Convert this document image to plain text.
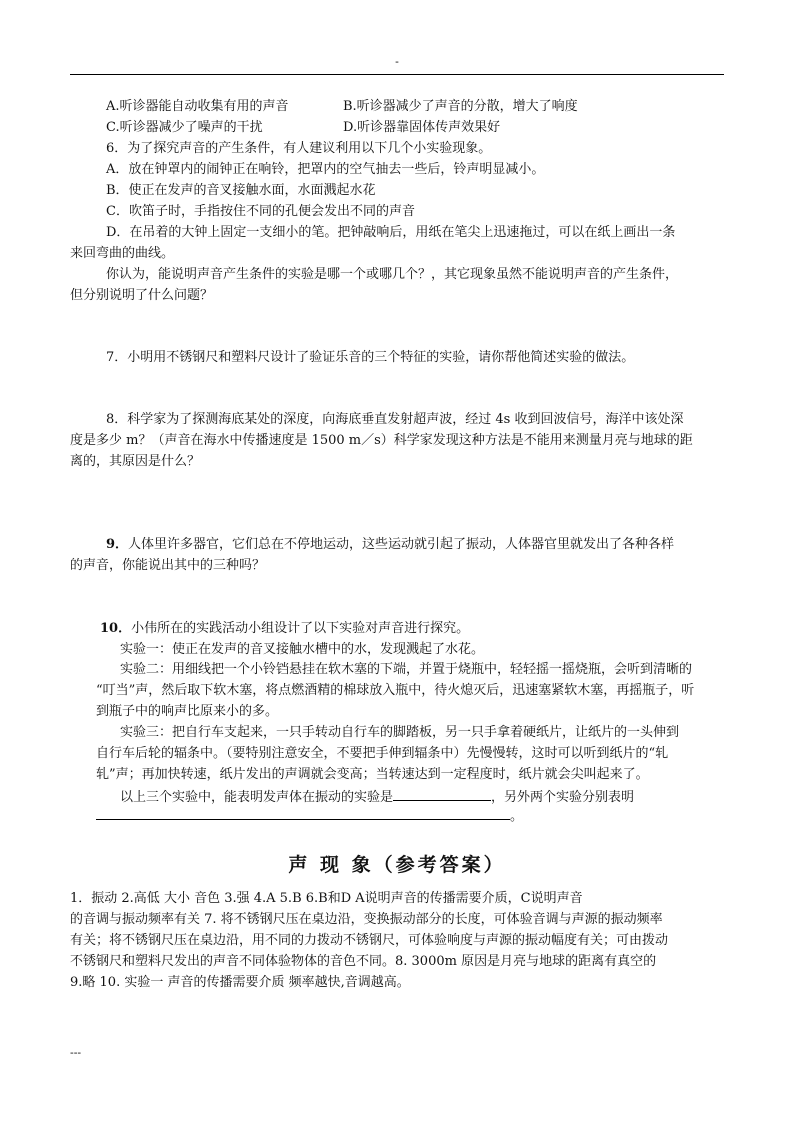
-
A.听诊器能自动收集有用的声音	B.听诊器减少了声音的分散，增大了响度
C.听诊器减少了噪声的干扰	D.听诊器靠固体传声效果好
6．为了探究声音的产生条件，有人建议利用以下几个小实验现象。
A．放在钟罩内的闹钟正在响铃，把罩内的空气抽去一些后，铃声明显减小。
B．使正在发声的音叉接触水面，水面溅起水花
C．吹笛子时，手指按住不同的孔便会发出不同的声音
D．在吊着的大钟上固定一支细小的笔。把钟敲响后，用纸在笔尖上迅速拖过，可以在纸上画出一条
来回弯曲的曲线。
你认为，能说明声音产生条件的实验是哪一个或哪几个？，其它现象虽然不能说明声音的产生条件，
但分别说明了什么问题？
7．小明用不锈钢尺和塑料尺设计了验证乐音的三个特征的实验，请你帮他简述实验的做法。
8．科学家为了探测海底某处的深度，向海底垂直发射超声波，经过 4s 收到回波信号，海洋中该处深
度是多少 m？（声音在海水中传播速度是 1500 m／s）科学家发现这种方法是不能用来测量月亮与地球的距
离的，其原因是什么？
9．人体里许多器官，它们总在不停地运动，这些运动就引起了振动，人体器官里就发出了各种各样
的声音，你能说出其中的三种吗？
10．小伟所在的实践活动小组设计了以下实验对声音进行探究。
实验一：使正在发声的音叉接触水槽中的水，发现溅起了水花。
实验二：用细线把一个小铃铛悬挂在软木塞的下端，并置于烧瓶中，轻轻摇一摇烧瓶，会听到清晰的
“叮当”声，然后取下软木塞，将点燃酒精的棉球放入瓶中，待火熄灭后，迅速塞紧软木塞，再摇瓶子，听
到瓶子中的响声比原来小的多。
实验三：把自行车支起来，一只手转动自行车的脚踏板，另一只手拿着硬纸片，让纸片的一头伸到
自行车后轮的辐条中。（要特别注意安全，不要把手伸到辐条中）先慢慢转，这时可以听到纸片的“轧
轧”声；再加快转速，纸片发出的声调就会变高；当转速达到一定程度时，纸片就会尖叫起来了。
以上三个实验中，能表明发声体在振动的实验是	，另外两个实验分别表明
。
声 现 象（参考答案）
1．振动 2.高低 大小 音色 3.强 4.A 5.B 6.B和D A说明声音的传播需要介质，C说明声音
的音调与振动频率有关 7. 将不锈钢尺压在桌边沿，变换振动部分的长度，可体验音调与声源的振动频率
有关；将不锈钢尺压在桌边沿，用不同的力拨动不锈钢尺，可体验响度与声源的振动幅度有关；可由拨动
不锈钢尺和塑料尺发出的声音不同体验物体的音色不同。8. 3000m 原因是月亮与地球的距离有真空的
9.略 10. 实验一 声音的传播需要介质 频率越快,音调越高。
---
